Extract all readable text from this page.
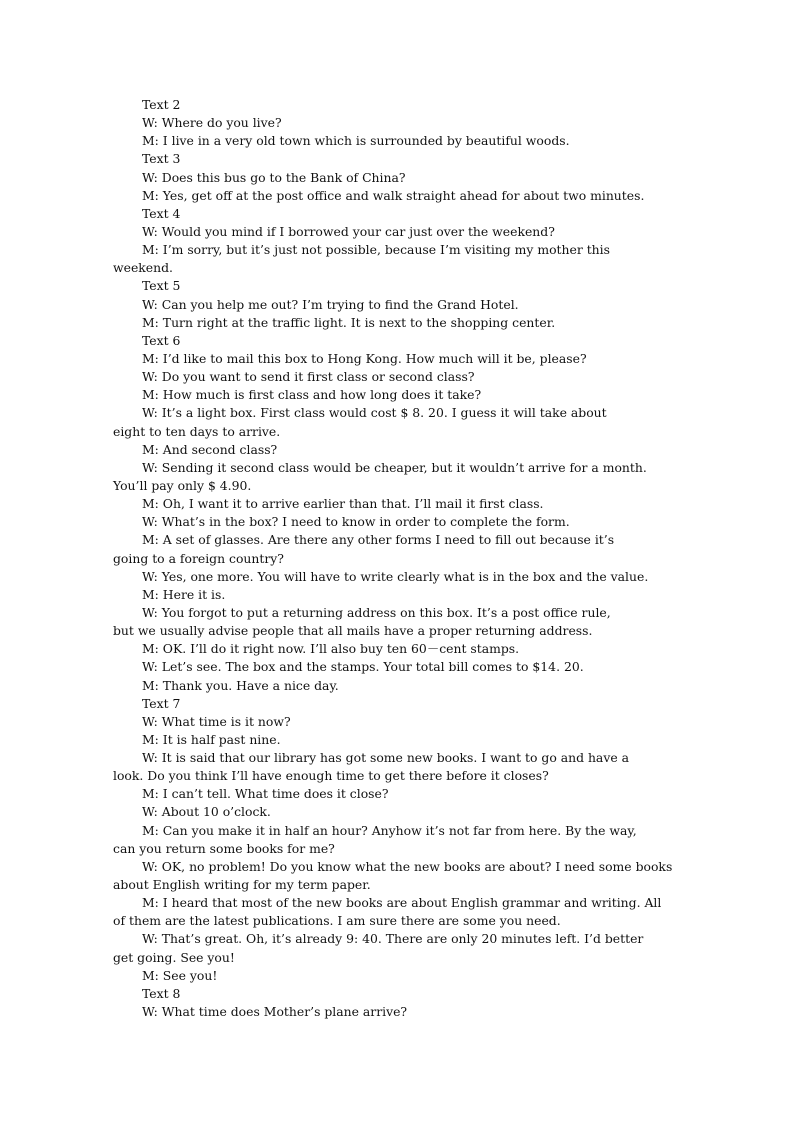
Text 2
W: Where do you live?
M: I live in a very old town which is surrounded by beautiful woods.
Text 3
W: Does this bus go to the Bank of China?
M: Yes, get off at the post office and walk straight ahead for about two minutes.
Text 4
W: Would you mind if I borrowed your car just over the weekend?
M: I’m sorry, but it’s just not possible, because I’m visiting my mother this
weekend.
Text 5
W: Can you help me out? I’m trying to find the Grand Hotel.
M: Turn right at the traffic light. It is next to the shopping center.
Text 6
M: I’d like to mail this box to Hong Kong. How much will it be, please?
W: Do you want to send it first class or second class?
M: How much is first class and how long does it take?
W: It’s a light box. First class would cost $ 8. 20. I guess it will take about
eight to ten days to arrive.
M: And second class?
W: Sending it second class would be cheaper, but it wouldn’t arrive for a month.
You’ll pay only $ 4.90.
M: Oh, I want it to arrive earlier than that. I’ll mail it first class.
W: What’s in the box? I need to know in order to complete the form.
M: A set of glasses. Are there any other forms I need to fill out because it’s
going to a foreign country?
W: Yes, one more. You will have to write clearly what is in the box and the value.
M: Here it is.
W: You forgot to put a returning address on this box. It’s a post office rule,
but we usually advise people that all mails have a proper returning address.
M: OK. I’ll do it right now. I’ll also buy ten 60－cent stamps.
W: Let’s see. The box and the stamps. Your total bill comes to $14. 20.
M: Thank you. Have a nice day.
Text 7
W: What time is it now?
M: It is half past nine.
W: It is said that our library has got some new books. I want to go and have a
look. Do you think I’ll have enough time to get there before it closes?
M: I can’t tell. What time does it close?
W: About 10 o’clock.
M: Can you make it in half an hour? Anyhow it’s not far from here. By the way,
can you return some books for me?
W: OK, no problem! Do you know what the new books are about? I need some books
about English writing for my term paper.
M: I heard that most of the new books are about English grammar and writing. All
of them are the latest publications. I am sure there are some you need.
W: That’s great. Oh, it’s already 9: 40. There are only 20 minutes left. I’d better
get going. See you!
M: See you!
Text 8
W: What time does Mother’s plane arrive?
